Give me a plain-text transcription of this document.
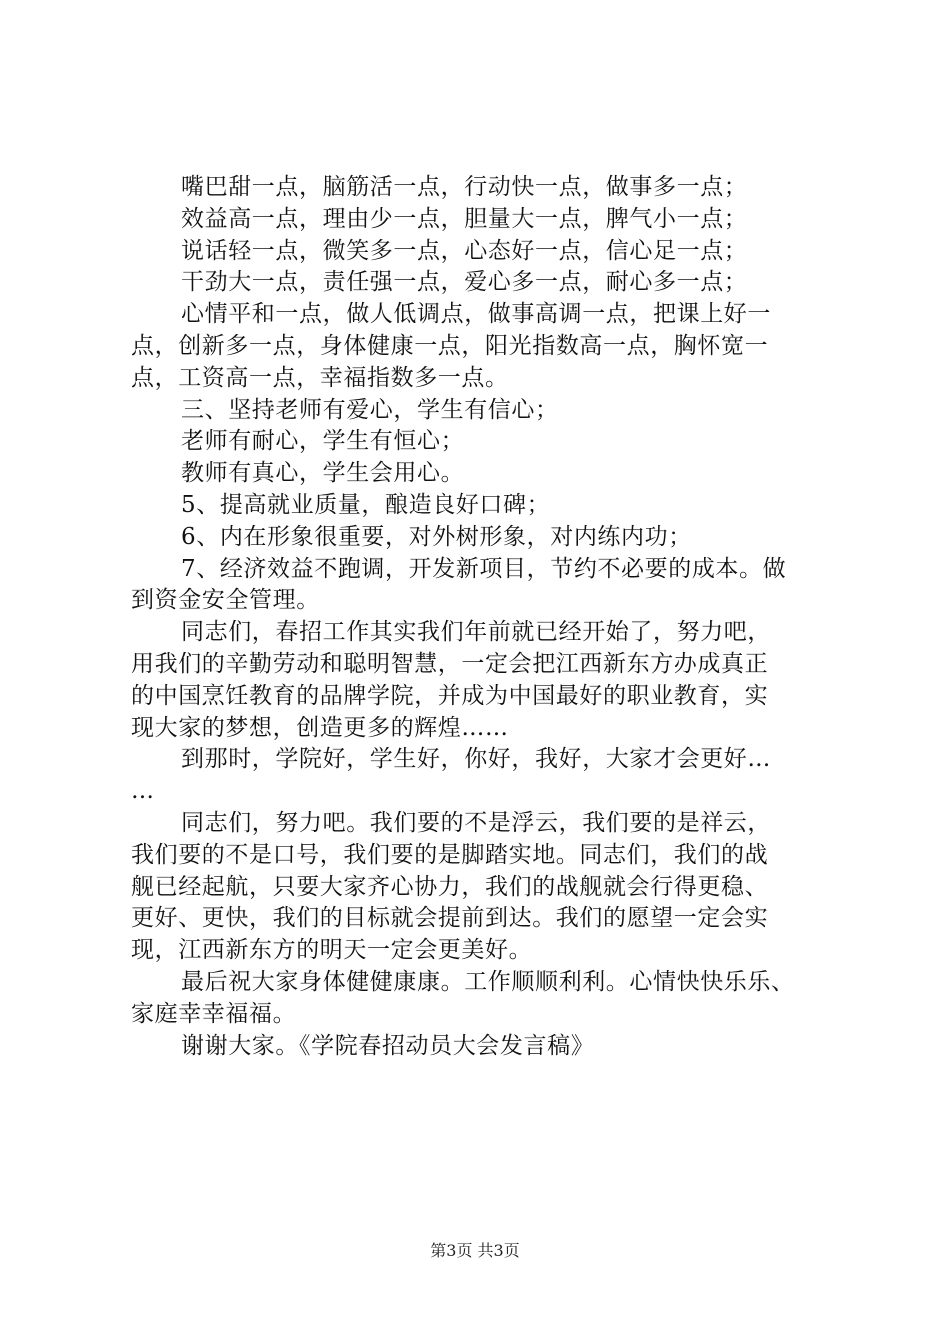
嘴巴甜一点，脑筋活一点，行动快一点，做事多一点；
效益高一点，理由少一点，胆量大一点，脾气小一点；
说话轻一点，微笑多一点，心态好一点，信心足一点；
干劲大一点，责任强一点，爱心多一点，耐心多一点；
心情平和一点，做人低调点，做事高调一点，把课上好一
点，创新多一点，身体健康一点，阳光指数高一点，胸怀宽一
点，工资高一点，幸福指数多一点。
三、坚持老师有爱心，学生有信心；
老师有耐心，学生有恒心；
教师有真心，学生会用心。
5、提高就业质量，酿造良好口碑；
6、内在形象很重要，对外树形象，对内练内功；
7、经济效益不跑调，开发新项目，节约不必要的成本。做
到资金安全管理。
同志们，春招工作其实我们年前就已经开始了，努力吧，
用我们的辛勤劳动和聪明智慧，一定会把江西新东方办成真正
的中国烹饪教育的品牌学院，并成为中国最好的职业教育，实
现大家的梦想，创造更多的辉煌……
到那时，学院好，学生好，你好，我好，大家才会更好…
…
同志们，努力吧。我们要的不是浮云，我们要的是祥云，
我们要的不是口号，我们要的是脚踏实地。同志们，我们的战
舰已经起航，只要大家齐心协力，我们的战舰就会行得更稳、
更好、更快，我们的目标就会提前到达。我们的愿望一定会实
现，江西新东方的明天一定会更美好。
最后祝大家身体健健康康。工作顺顺利利。心情快快乐乐、
家庭幸幸福福。
谢谢大家。《学院春招动员大会发言稿》
第3页 共3页
